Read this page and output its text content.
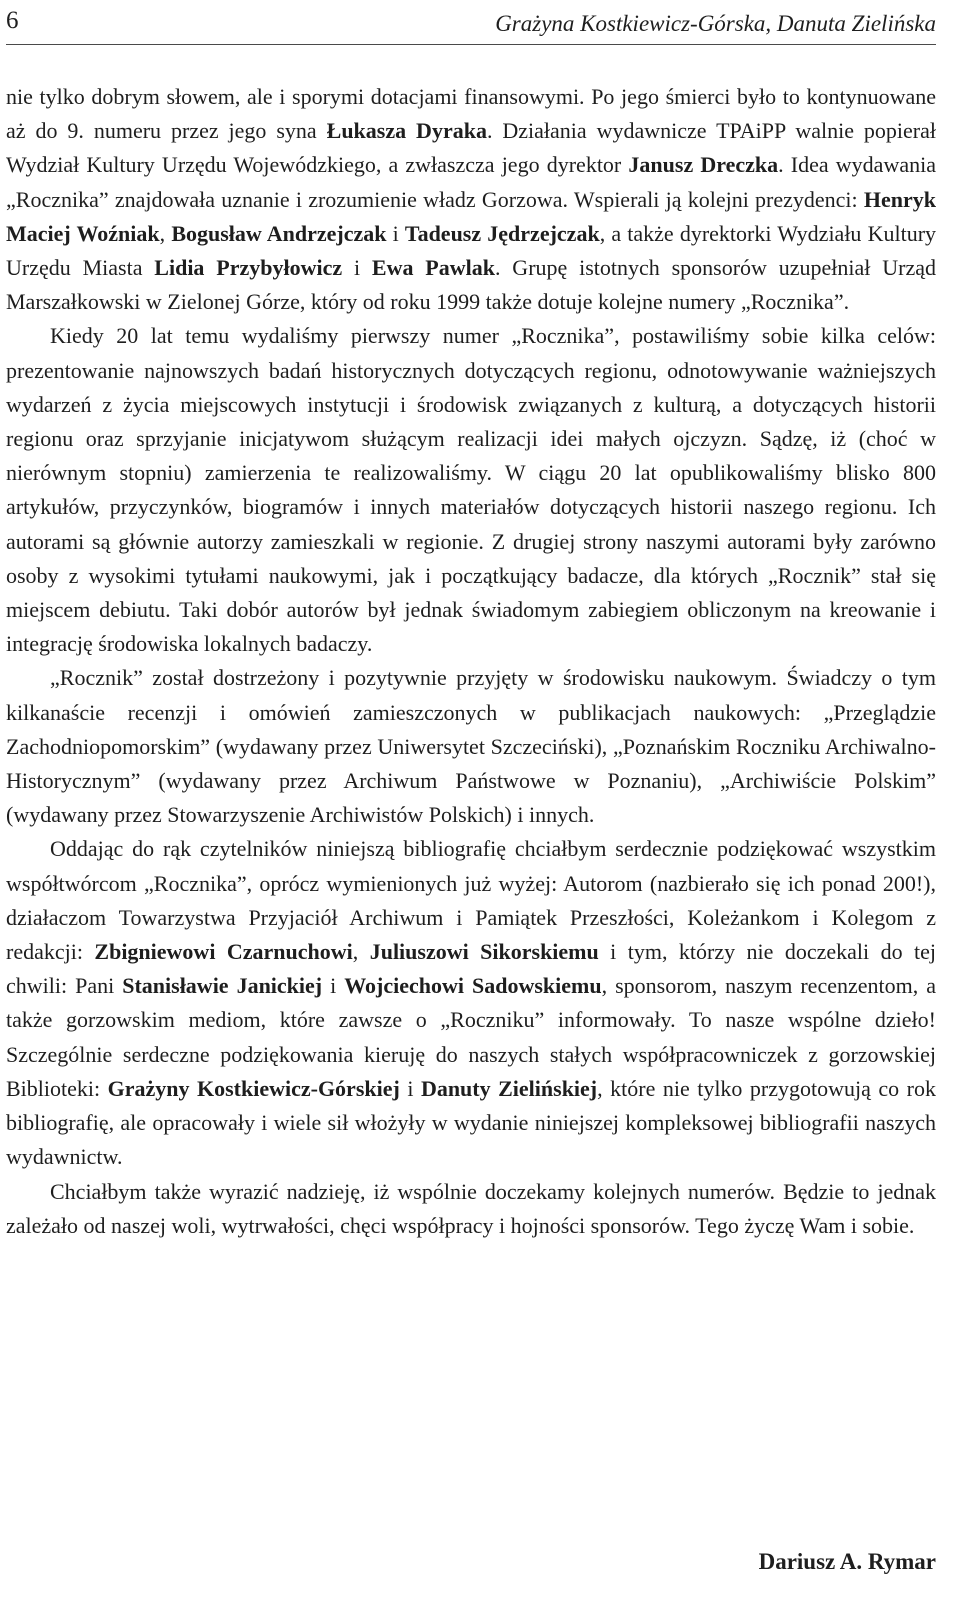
6	Grażyna Kostkiewicz-Górska, Danuta Zielińska

nie tylko dobrym słowem, ale i sporymi dotacjami finansowymi. Po jego śmierci było to kontynuowane aż do 9. numeru przez jego syna Łukasza Dyraka. Działania wydawnicze TPAiPP walnie popierał Wydział Kultury Urzędu Wojewódzkiego, a zwłaszcza jego dyrektor Janusz Dreczka. Idea wydawania „Rocznika” znajdowała uznanie i zrozumienie władz Gorzowa. Wspierali ją kolejni prezydenci: Henryk Maciej Woźniak, Bogusław Andrzejczak i Tadeusz Jędrzejczak, a także dyrektorki Wydziału Kultury Urzędu Miasta Lidia Przybyłowicz i Ewa Pawlak. Grupę istotnych sponsorów uzupełniał Urząd Marszałkowski w Zielonej Górze, który od roku 1999 także dotuje kolejne numery „Rocznika”.

Kiedy 20 lat temu wydaliśmy pierwszy numer „Rocznika”, postawiliśmy sobie kilka celów: prezentowanie najnowszych badań historycznych dotyczących regionu, odnotowywanie ważniejszych wydarzeń z życia miejscowych instytucji i środowisk związanych z kulturą, a dotyczących historii regionu oraz sprzyjanie inicjatywom służącym realizacji idei małych ojczyzn. Sądzę, iż (choć w nierównym stopniu) zamierzenia te realizowaliśmy. W ciągu 20 lat opublikowaliśmy blisko 800 artykułów, przyczynków, biogramów i innych materiałów dotyczących historii naszego regionu. Ich autorami są głównie autorzy zamieszkali w regionie. Z drugiej strony naszymi autorami były zarówno osoby z wysokimi tytułami naukowymi, jak i początkujący badacze, dla których „Rocznik” stał się miejscem debiutu. Taki dobór autorów był jednak świadomym zabiegiem obliczonym na kreowanie i integrację środowiska lokalnych badaczy.

„Rocznik” został dostrzeżony i pozytywnie przyjęty w środowisku naukowym. Świadczy o tym kilkanaście recenzji i omówień zamieszczonych w publikacjach naukowych: „Przeglądzie Zachodniopomorskim” (wydawany przez Uniwersytet Szczeciński), „Poznańskim Roczniku Archiwalno-Historycznym” (wydawany przez Archiwum Państwowe w Poznaniu), „Archiwiście Polskim” (wydawany przez Stowarzyszenie Archiwistów Polskich) i innych.

Oddając do rąk czytelników niniejszą bibliografię chciałbym serdecznie podziękować wszystkim współtwórcom „Rocznika”, oprócz wymienionych już wyżej: Autorom (nazbierało się ich ponad 200!), działaczom Towarzystwa Przyjaciół Archiwum i Pamiątek Przeszłości, Koleżankom i Kolegom z redakcji: Zbigniewowi Czarnuchowi, Juliuszowi Sikorskiemu i tym, którzy nie doczekali do tej chwili: Pani Stanisławie Janickiej i Wojciechowi Sadowskiemu, sponsorom, naszym recenzentom, a także gorzowskim mediom, które zawsze o „Roczniku” informowały. To nasze wspólne dzieło! Szczególnie serdeczne podziękowania kieruję do naszych stałych współpracowniczek z gorzowskiej Biblioteki: Grażyny Kostkiewicz-Górskiej i Danuty Zielińskiej, które nie tylko przygotowują co rok bibliografię, ale opracowały i wiele sił włożyły w wydanie niniejszej kompleksowej bibliografii naszych wydawnictw.

Chciałbym także wyrazić nadzieję, iż wspólnie doczekamy kolejnych numerów. Będzie to jednak zależało od naszej woli, wytrwałości, chęci współpracy i hojności sponsorów. Tego życzę Wam i sobie.

Dariusz A. Rymar
